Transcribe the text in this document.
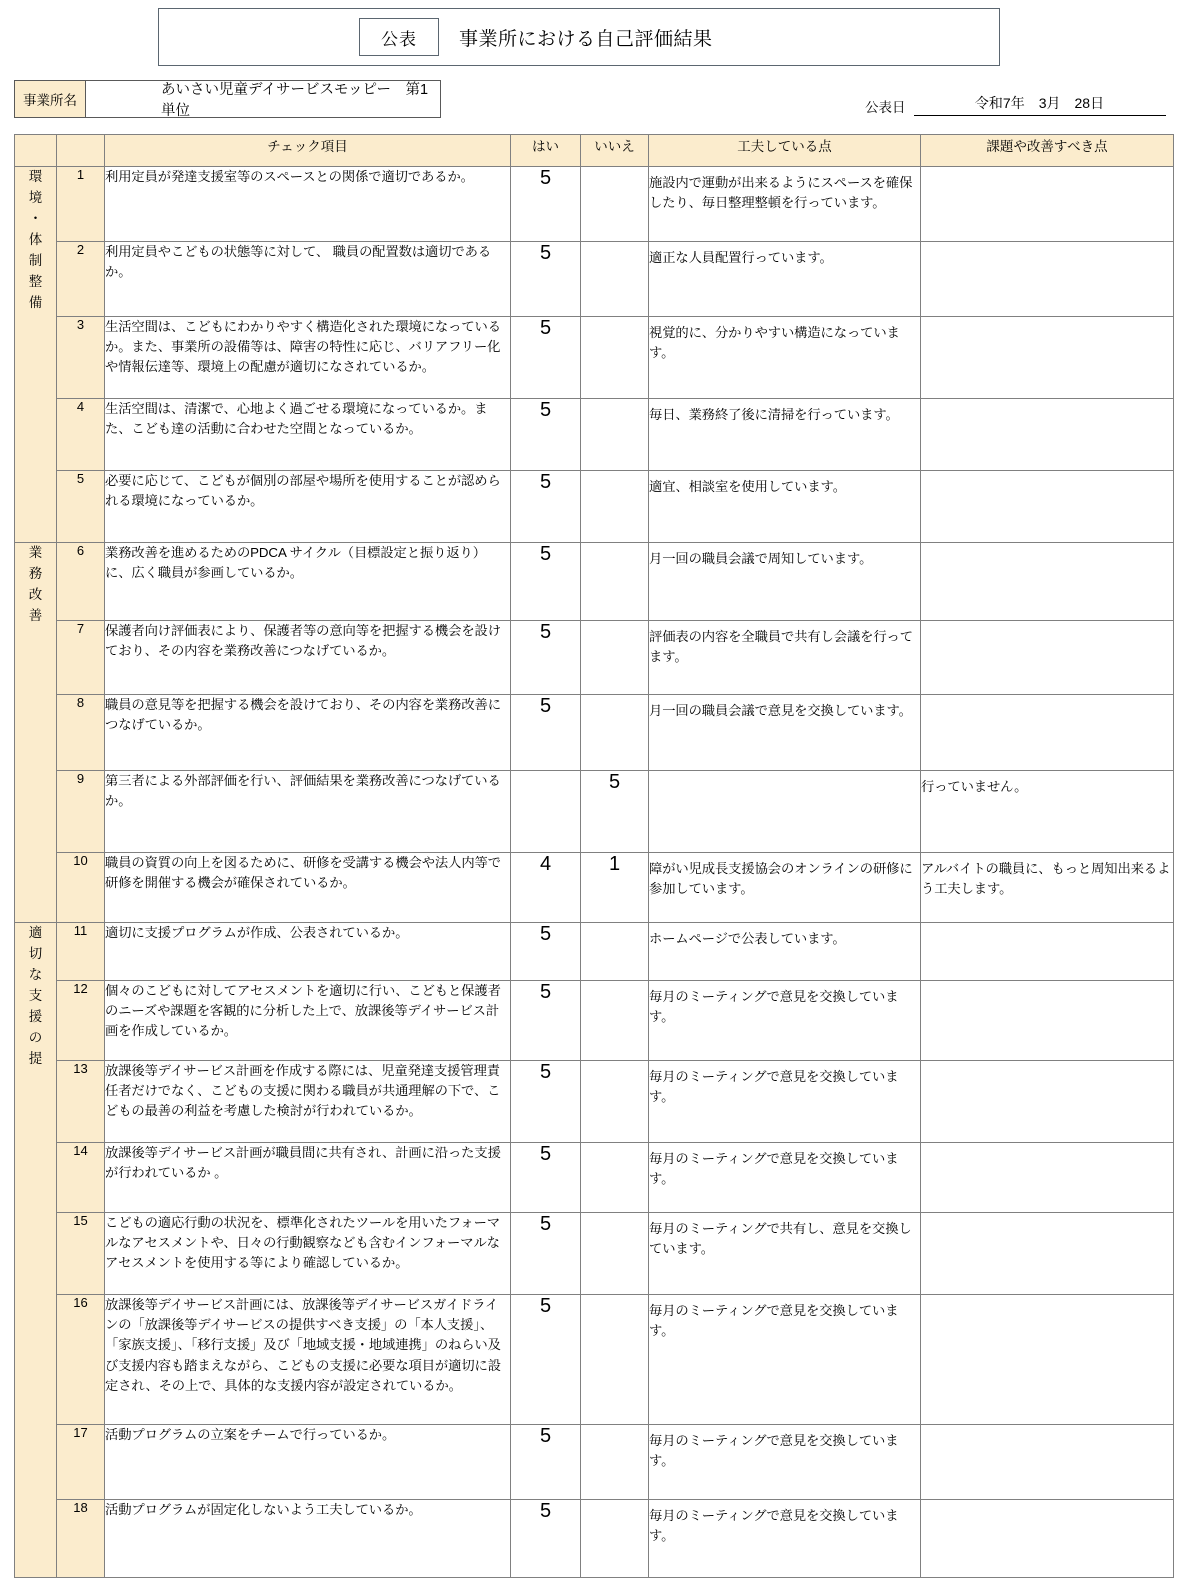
公表	事業所における自己評価結果
事業所名
あいさい児童デイサービスモッピー　第1単位	公表日	令和7年　3月　28日
		チェック項目	はい	いいえ	工夫している点	課題や改善すべき点

環
境
・
体
制
整
備
	1	利用定員が発達支援室等のスペースとの関係で適切であるか。	5		施設内で運動が出来るようにスペースを確保したり、毎日整理整頓を行っています。	
	2	利用定員やこどもの状態等に対して、 職員の配置数は適切であるか。	5		適正な人員配置行っています。	
	3	生活空間は、こどもにわかりやすく構造化された環境になっているか。また、事業所の設備等は、障害の特性に応じ、バリアフリー化や情報伝達等、環境上の配慮が適切になされているか。	5		視覚的に、分かりやすい構造になっています。	
	4	生活空間は、清潔で、心地よく過ごせる環境になっているか。また、こども達の活動に合わせた空間となっているか。	5		毎日、業務終了後に清掃を行っています。	
	5	必要に応じて、こどもが個別の部屋や場所を使用することが認められる環境になっているか。	5		適宜、相談室を使用しています。	

業
務
改
善	6	業務改善を進めるためのPDCA サイクル（目標設定と振り返り）に、広く職員が参画しているか。	5		月一回の職員会議で周知しています。	
	7	保護者向け評価表により、保護者等の意向等を把握する機会を設けており、その内容を業務改善につなげているか。	5		評価表の内容を全職員で共有し会議を行ってます。	
	8	職員の意見等を把握する機会を設けており、その内容を業務改善につなげているか。	5		月一回の職員会議で意見を交換しています。	
	9	第三者による外部評価を行い、評価結果を業務改善につなげているか。		5		行っていません。
	10	職員の資質の向上を図るために、研修を受講する機会や法人内等で研修を開催する機会が確保されているか。	4	1	障がい児成長支援協会のオンラインの研修に参加しています。	アルバイトの職員に、もっと周知出来るよう工夫します。

適
切
な
支
援
の
提
	11	適切に支援プログラムが作成、公表されているか。	5		ホームページで公表しています。	
	12	個々のこどもに対してアセスメントを適切に行い、こどもと保護者のニーズや課題を客観的に分析した上で、放課後等デイサービス計画を作成しているか。	5		毎月のミーティングで意見を交換しています。	
	13	放課後等デイサービス計画を作成する際には、児童発達支援管理責任者だけでなく、こどもの支援に関わる職員が共通理解の下で、こどもの最善の利益を考慮した検討が行われているか。	5		毎月のミーティングで意見を交換しています。	
	14	放課後等デイサービス計画が職員間に共有され、計画に沿った支援が行われているか 。	5		毎月のミーティングで意見を交換しています。	
	15	こどもの適応行動の状況を、標準化されたツールを用いたフォーマルなアセスメントや、日々の行動観察なども含むインフォーマルなアセスメントを使用する等により確認しているか。	5		毎月のミーティングで共有し、意見を交換しています。	
	16	放課後等デイサービス計画には、放課後等デイサービスガイドラインの「放課後等デイサービスの提供すべき支援」の「本人支援」、「家族支援」、「移行支援」及び「地域支援・地域連携」のねらい及び支援内容も踏まえながら、こどもの支援に必要な項目が適切に設定され、その上で、具体的な支援内容が設定されているか。	5		毎月のミーティングで意見を交換しています。	
	17	活動プログラムの立案をチームで行っているか。	5		毎月のミーティングで意見を交換しています。	
	18	活動プログラムが固定化しないよう工夫しているか。	5		毎月のミーティングで意見を交換しています。	
